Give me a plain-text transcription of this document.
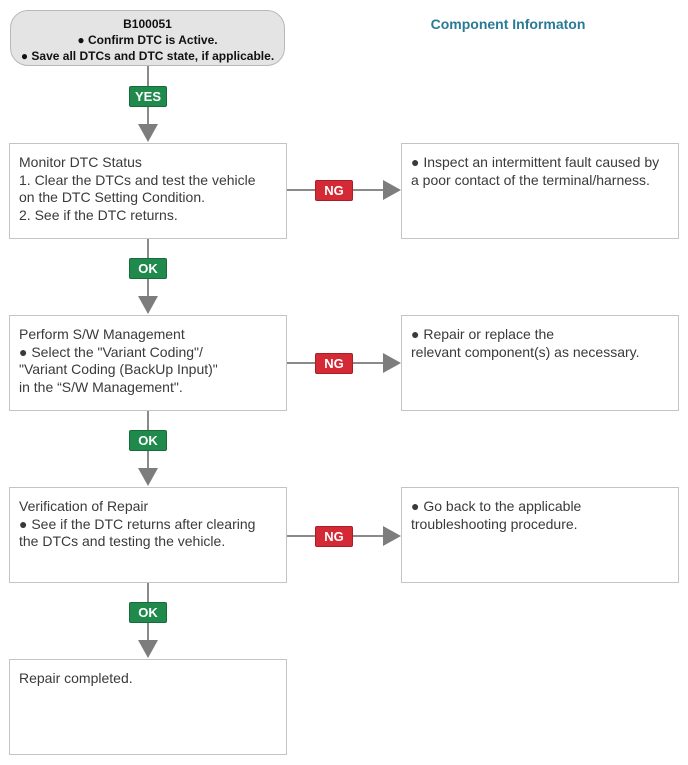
Component Informaton
B100051
● Confirm DTC is Active.
● Save all DTCs and DTC state, if applicable.
YES
Monitor DTC Status
1. Clear the DTCs and test the vehicle
on the DTC Setting Condition.
2. See if the DTC returns.
NG
● Inspect an intermittent fault caused by
a poor contact of the terminal/harness.
OK
Perform S/W Management
● Select the "Variant Coding"/
"Variant Coding (BackUp Input)"
in the “S/W Management".
NG
● Repair or replace the
relevant component(s) as necessary.
OK
Verification of Repair
● See if the DTC returns after clearing
the DTCs and testing the vehicle.	NG
● Go back to the applicable
troubleshooting procedure.
OK
Repair completed.
